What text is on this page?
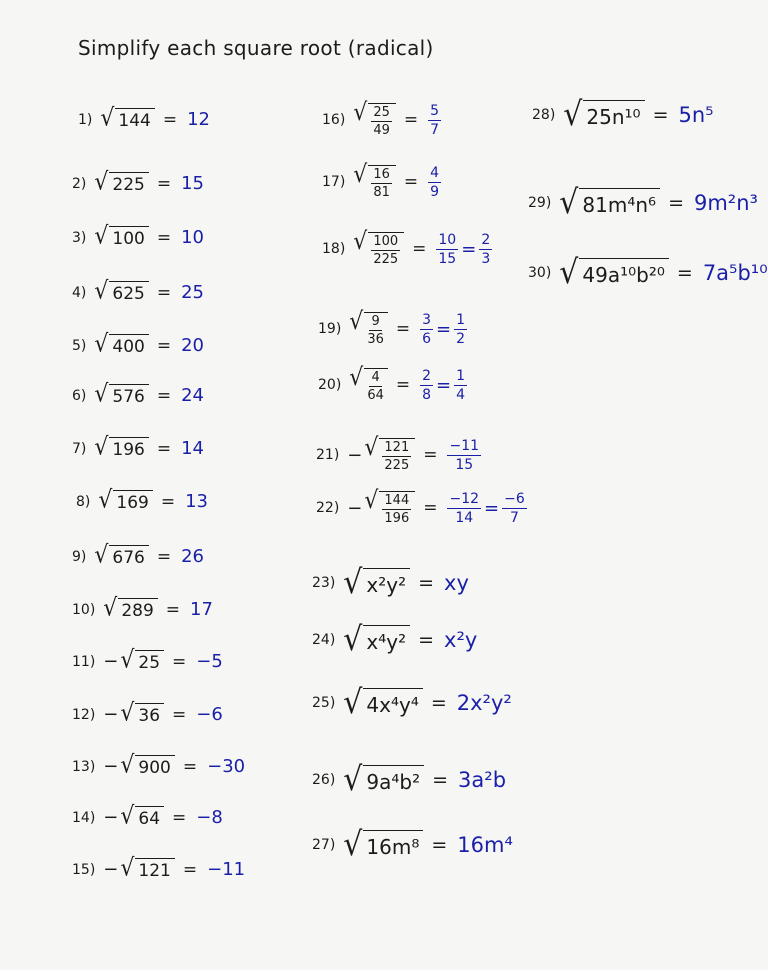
Simplify each square root (radical)
1) √ 144 = 12
2) √ 225 = 15
3) √ 100 = 10
4) √ 625 = 25
5) √ 400 = 20
6) √ 576 = 24
7) √ 196 = 14
8) √ 169 = 13
9) √ 676 = 26
10) √ 289 = 17
11) − √ 25 = −5
12) − √ 36 = −6
13) − √ 900 = −30
14) − √ 64 = −8
15) − √ 121 = −11
16) √ $\frac{25}{49} = \frac{5}{7}$
17) √ $\frac{16}{81} = \frac{4}{9}$
18) √ $\frac{100}{225} = \frac{10}{15} = \frac{2}{3}$
19) √ $\frac{9}{36} = \frac{3}{6} = \frac{1}{2}$
20) √ $\frac{4}{64} = \frac{2}{8} = \frac{1}{4}$
21) − √ $\frac{121}{225} = \frac{-11}{15}$
22) − √ $\frac{144}{196} = \frac{-12}{14} = \frac{-6}{7}$
23) √ x²y² = xy
24) √ x⁴y² = x²y
25) √ 4x⁴y⁴ = 2x²y²
26) √ 9a⁴b² = 3a²b
27) √ 16m⁸ = 16m⁴
28) √ 25n¹⁰ = 5n⁵
29) √ 81m⁴n⁶ = 9m²n³
30) √ 49a¹⁰b²⁰ = 7a⁵b¹⁰
